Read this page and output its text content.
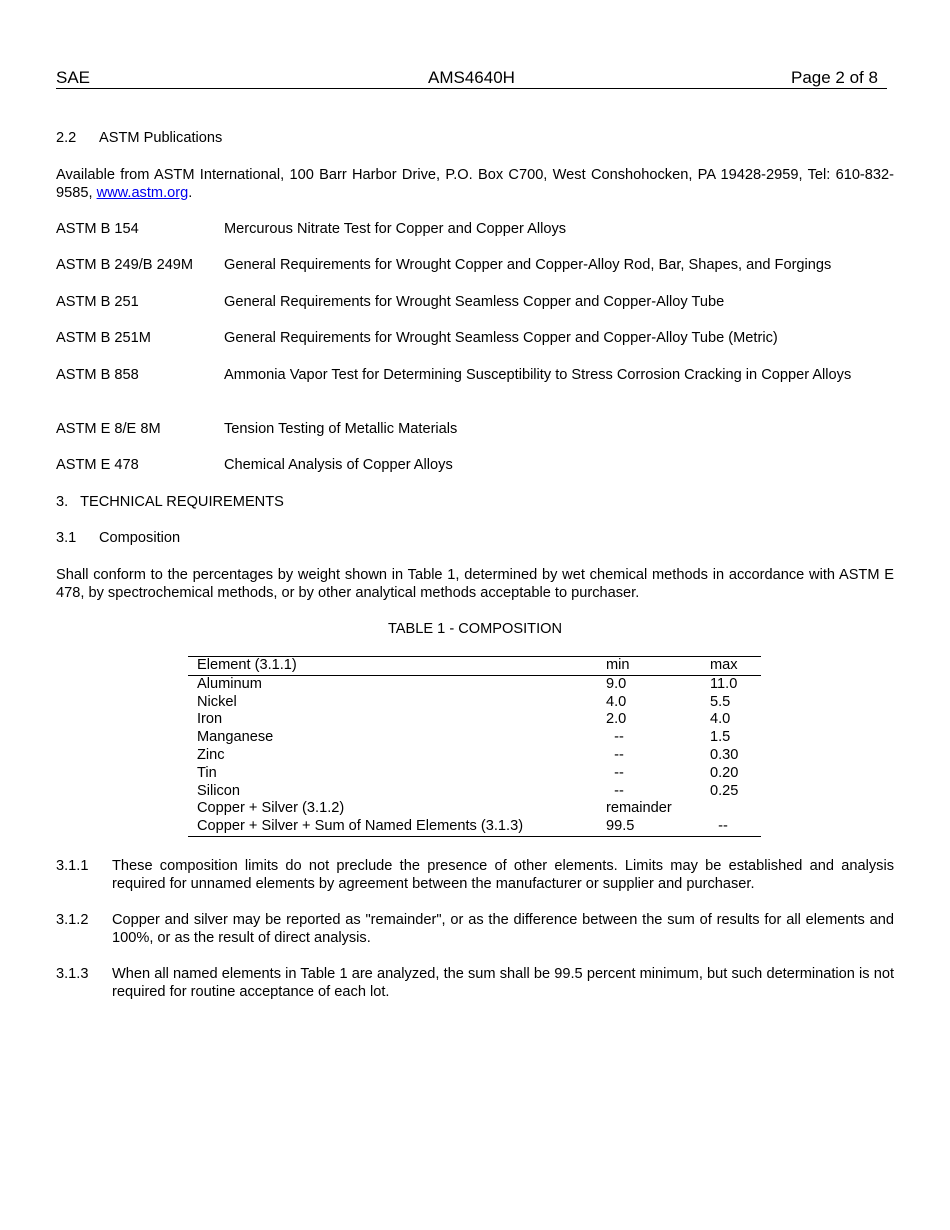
SAE	AMS4640H	Page 2 of 8
2.2 ASTM Publications
Available from ASTM International, 100 Barr Harbor Drive, P.O. Box C700, West Conshohocken, PA 19428-2959, Tel: 610-832-9585, www.astm.org.
ASTM B 154	Mercurous Nitrate Test for Copper and Copper Alloys
ASTM B 249/B 249M General Requirements for Wrought Copper and Copper-Alloy Rod, Bar, Shapes, and Forgings
ASTM B 251	General Requirements for Wrought Seamless Copper and Copper-Alloy Tube
ASTM B 251M	General Requirements for Wrought Seamless Copper and Copper-Alloy Tube (Metric)
ASTM B 858	Ammonia Vapor Test for Determining Susceptibility to Stress Corrosion Cracking in Copper Alloys
ASTM E 8/E 8M	Tension Testing of Metallic Materials
ASTM E 478	Chemical Analysis of Copper Alloys
3.   TECHNICAL REQUIREMENTS
3.1 Composition
Shall conform to the percentages by weight shown in Table 1, determined by wet chemical methods in accordance with ASTM E 478, by spectrochemical methods, or by other analytical methods acceptable to purchaser.
TABLE 1 - COMPOSITION
Element (3.1.1)	min	max
Aluminum	9.0	11.0
Nickel	4.0	5.5
Iron	2.0	4.0
Manganese	--	1.5
Zinc	--	0.30
Tin	--	0.20
Silicon	--	0.25
Copper + Silver (3.1.2)	remainder	
Copper + Silver + Sum of Named Elements (3.1.3)	99.5	--
3.1.1 These composition limits do not preclude the presence of other elements. Limits may be established and analysis required for unnamed elements by agreement between the manufacturer or supplier and purchaser.
3.1.2 Copper and silver may be reported as "remainder", or as the difference between the sum of results for all elements and 100%, or as the result of direct analysis.
3.1.3 When all named elements in Table 1 are analyzed, the sum shall be 99.5 percent minimum, but such determination is not required for routine acceptance of each lot.
